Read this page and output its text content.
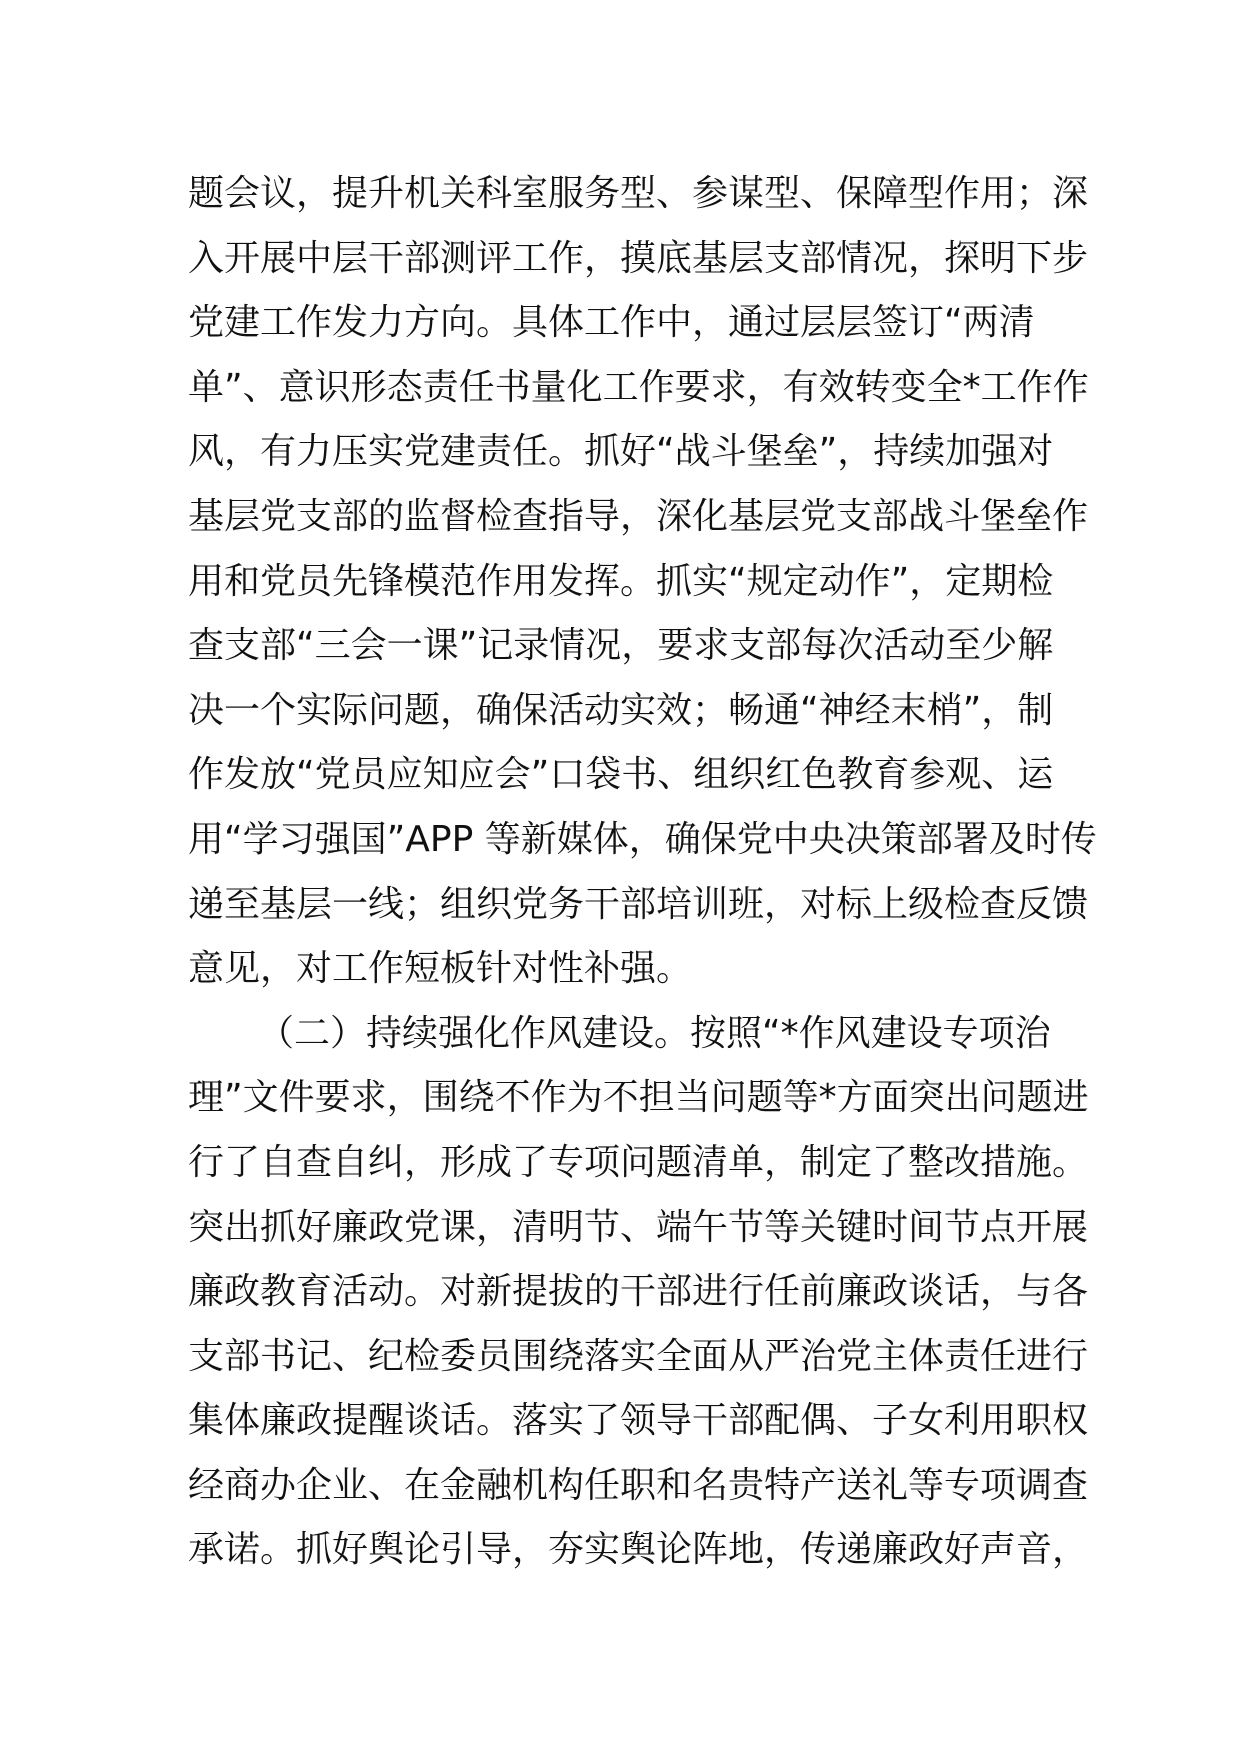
题会议，提升机关科室服务型、参谋型、保障型作用；深
入开展中层干部测评工作，摸底基层支部情况，探明下步
党建工作发力方向。具体工作中，通过层层签订“两清
单”、意识形态责任书量化工作要求，有效转变全*工作作
风，有力压实党建责任。抓好“战斗堡垒”，持续加强对
基层党支部的监督检查指导，深化基层党支部战斗堡垒作
用和党员先锋模范作用发挥。抓实“规定动作”，定期检
查支部“三会一课”记录情况，要求支部每次活动至少解
决一个实际问题，确保活动实效；畅通“神经末梢”，制
作发放“党员应知应会”口袋书、组织红色教育参观、运
用“学习强国”APP 等新媒体，确保党中央决策部署及时传
递至基层一线；组织党务干部培训班，对标上级检查反馈
意见，对工作短板针对性补强。
（二）持续强化作风建设。按照“*作风建设专项治
理”文件要求，围绕不作为不担当问题等*方面突出问题进
行了自查自纠，形成了专项问题清单，制定了整改措施。
突出抓好廉政党课，清明节、端午节等关键时间节点开展
廉政教育活动。对新提拔的干部进行任前廉政谈话，与各
支部书记、纪检委员围绕落实全面从严治党主体责任进行
集体廉政提醒谈话。落实了领导干部配偶、子女利用职权
经商办企业、在金融机构任职和名贵特产送礼等专项调查
承诺。抓好舆论引导，夯实舆论阵地，传递廉政好声音，
